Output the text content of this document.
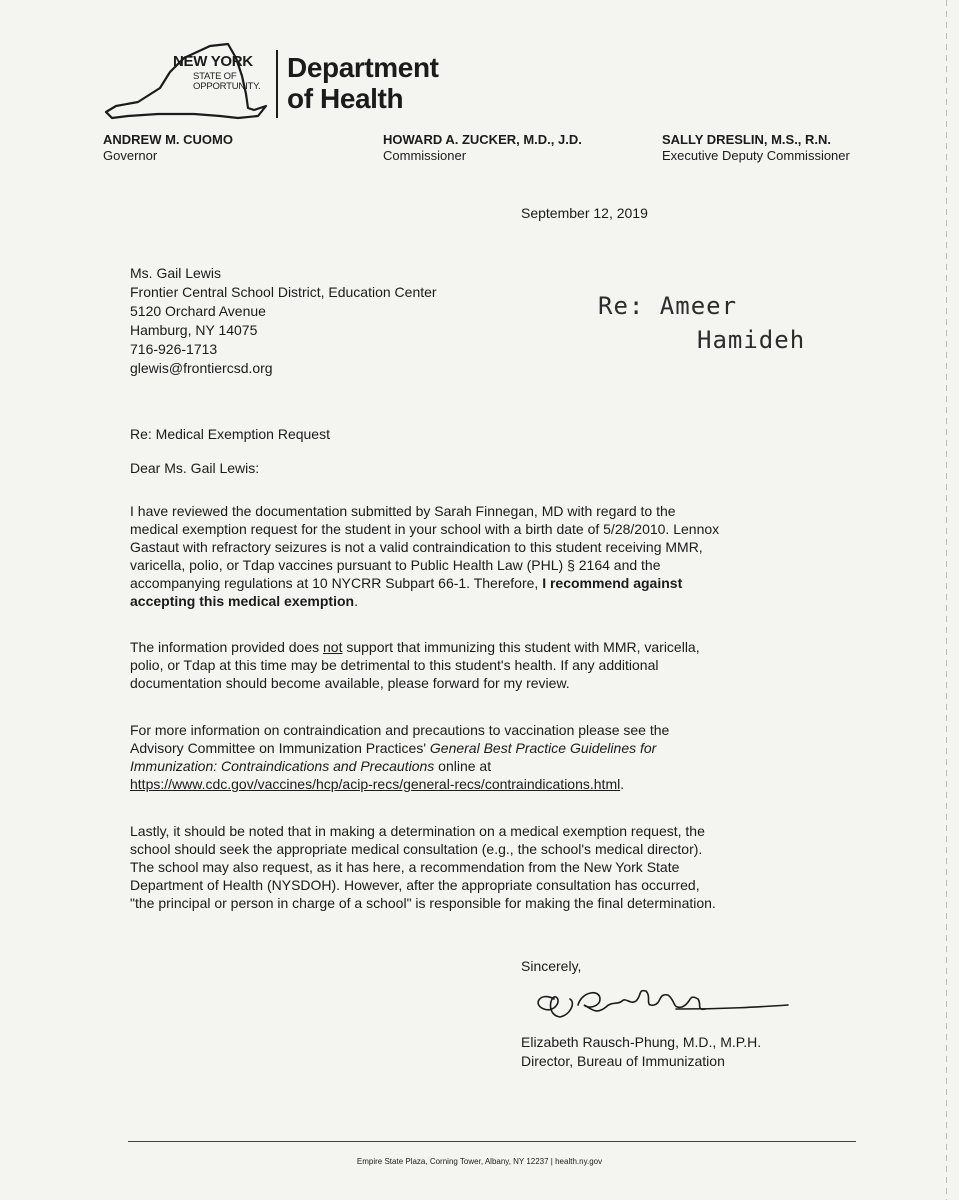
NEW YORK
STATE OF
OPPORTUNITY.
Department
of Health
ANDREW M. CUOMO
Governor
HOWARD A. ZUCKER, M.D., J.D.
Commissioner
SALLY DRESLIN, M.S., R.N.
Executive Deputy Commissioner
September 12, 2019
Ms. Gail Lewis
Frontier Central School District, Education Center
5120 Orchard Avenue
Hamburg, NY 14075
716-926-1713
glewis@frontiercsd.org
Re: Ameer
Hamideh
Re: Medical Exemption Request
Dear Ms. Gail Lewis:
I have reviewed the documentation submitted by Sarah Finnegan, MD with regard to the
medical exemption request for the student in your school with a birth date of 5/28/2010. Lennox
Gastaut with refractory seizures is not a valid contraindication to this student receiving MMR,
varicella, polio, or Tdap vaccines pursuant to Public Health Law (PHL) § 2164 and the
accompanying regulations at 10 NYCRR Subpart 66-1. Therefore, I recommend against
accepting this medical exemption.
The information provided does not support that immunizing this student with MMR, varicella,
polio, or Tdap at this time may be detrimental to this student's health. If any additional
documentation should become available, please forward for my review.
For more information on contraindication and precautions to vaccination please see the
Advisory Committee on Immunization Practices' General Best Practice Guidelines for
Immunization: Contraindications and Precautions online at
https://www.cdc.gov/vaccines/hcp/acip-recs/general-recs/contraindications.html.
Lastly, it should be noted that in making a determination on a medical exemption request, the
school should seek the appropriate medical consultation (e.g., the school's medical director).
The school may also request, as it has here, a recommendation from the New York State
Department of Health (NYSDOH). However, after the appropriate consultation has occurred,
"the principal or person in charge of a school" is responsible for making the final determination.
Sincerely,
Elizabeth Rausch-Phung, M.D., M.P.H.
Director, Bureau of Immunization
Empire State Plaza, Corning Tower, Albany, NY 12237 | health.ny.gov
